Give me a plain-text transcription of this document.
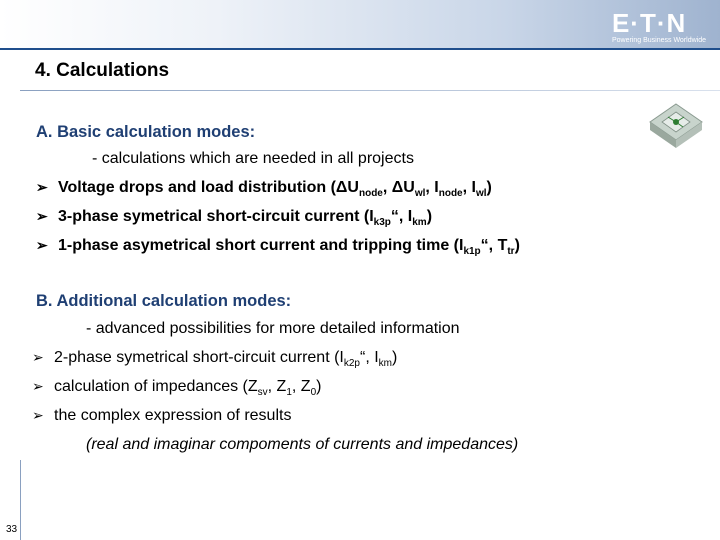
E·T·N
Powering Business Worldwide
4. Calculations
A. Basic calculation modes:
- calculations which are needed in all projects
➢ Voltage drops and load distribution ($\Delta U_{node}$, $\Delta U_{wl}$, $I_{node}$, $I_{wl}$)
➢ 3-phase symetrical short-circuit current ($I_{k3p}“$, $I_{km}$)
➢ 1-phase asymetrical short current and tripping time ($I_{k1p}“$, $T_{tr}$)
B. Additional calculation modes:
- advanced possibilities for more detailed information
➢ 2-phase symetrical short-circuit current ($I_{k2p}“$, $I_{km}$)
➢ calculation of impedances ($Z_{sv}$, $Z_1$, $Z_0$)
➢ the complex expression of results
(real and imaginar compoments of currents and impedances)
33
